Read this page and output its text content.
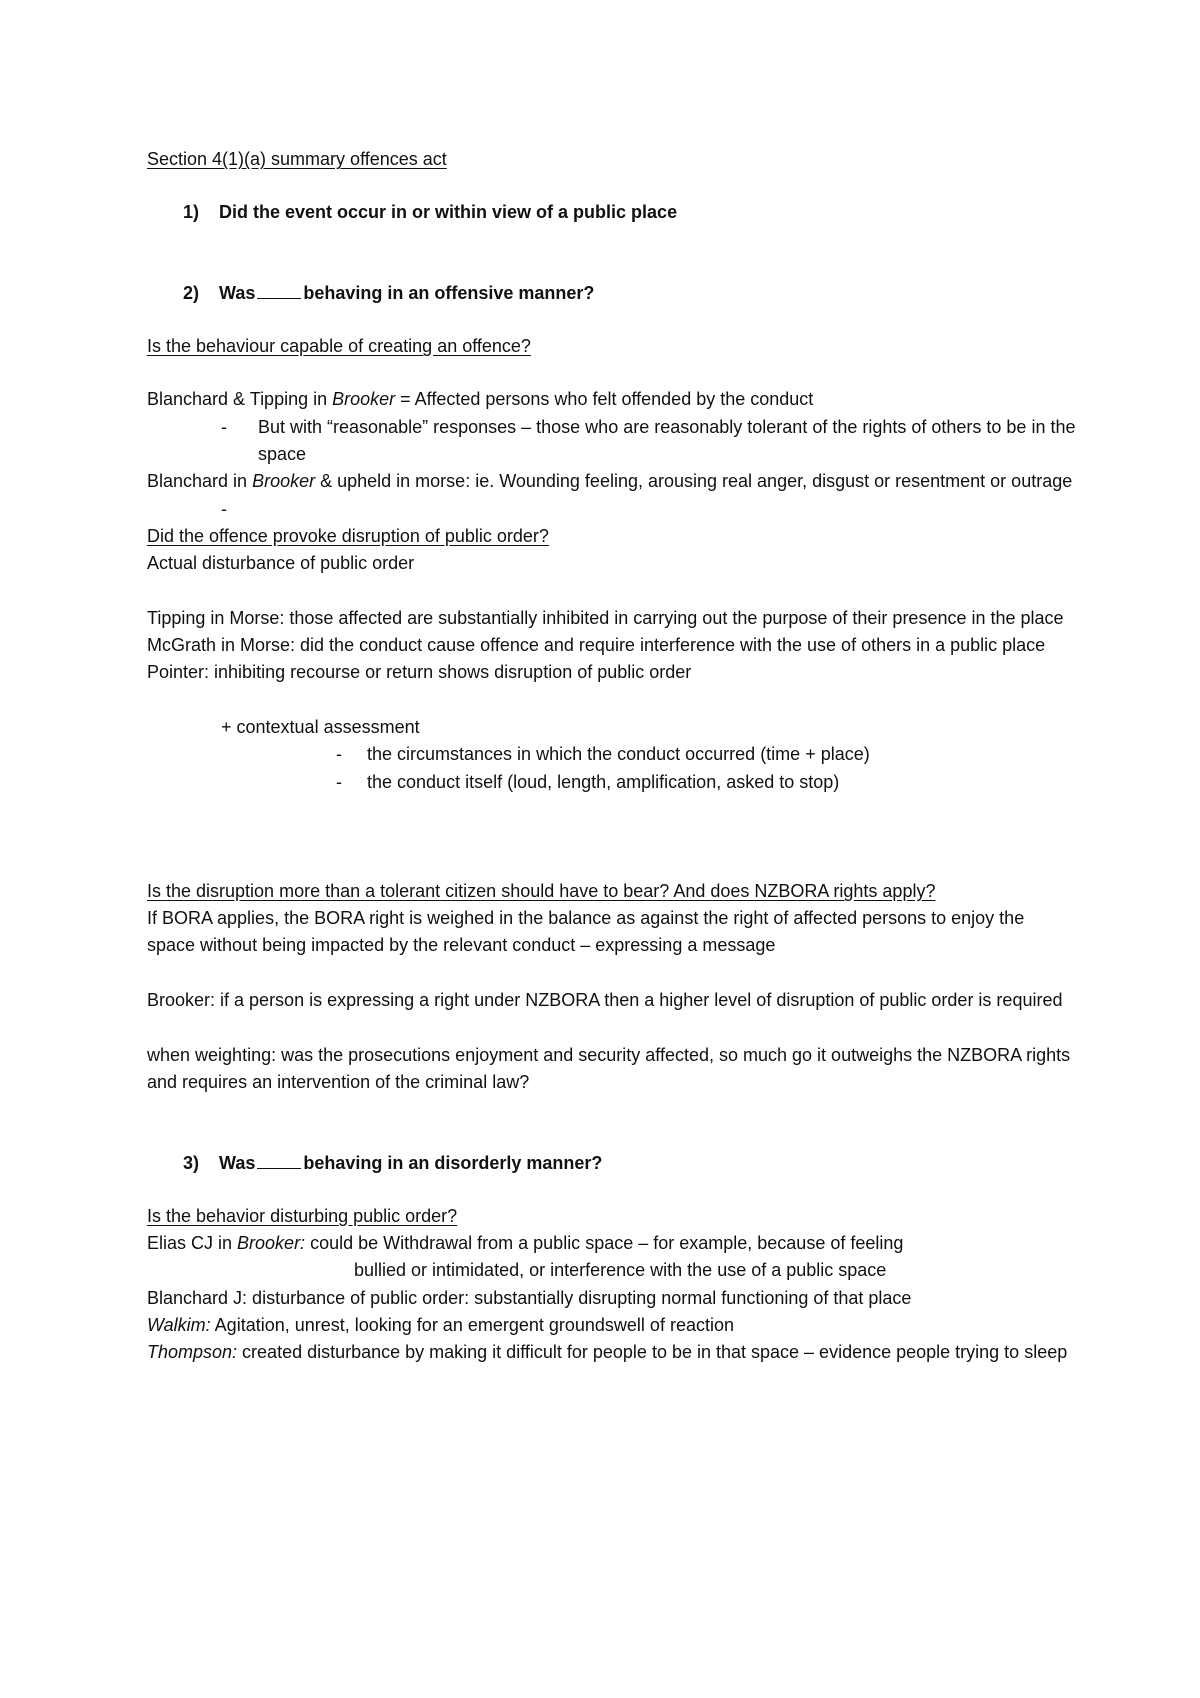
Section 4(1)(a) summary offences act
1) Did the event occur in or within view of a public place
2) Was	behaving in an offensive manner?
Is the behaviour capable of creating an offence?
Blanchard & Tipping in Brooker = Affected persons who felt offended by the conduct
- But with “reasonable” responses – those who are reasonably tolerant of the rights of others to be in the space
Blanchard in Brooker & upheld in morse: ie. Wounding feeling, arousing real anger, disgust or resentment or outrage
-
Did the offence provoke disruption of public order?
Actual disturbance of public order
Tipping in Morse: those affected are substantially inhibited in carrying out the purpose of their presence in the place
McGrath in Morse: did the conduct cause offence and require interference with the use of others in a public place
Pointer: inhibiting recourse or return shows disruption of public order
+ contextual assessment
- the circumstances in which the conduct occurred (time + place)
- the conduct itself (loud, length, amplification, asked to stop)
Is the disruption more than a tolerant citizen should have to bear? And does NZBORA rights apply?
If BORA applies, the BORA right is weighed in the balance as against the right of affected persons to enjoy the space without being impacted by the relevant conduct – expressing a message
Brooker: if a person is expressing a right under NZBORA then a higher level of disruption of public order is required
when weighting: was the prosecutions enjoyment and security affected, so much go it outweighs the NZBORA rights and requires an intervention of the criminal law?
3) Was	behaving in an disorderly manner?
Is the behavior disturbing public order?
Elias CJ in Brooker: could be Withdrawal from a public space – for example, because of feeling
bullied or intimidated, or interference with the use of a public space
Blanchard J: disturbance of public order: substantially disrupting normal functioning of that place
Walkim: Agitation, unrest, looking for an emergent groundswell of reaction
Thompson: created disturbance by making it difficult for people to be in that space – evidence people trying to sleep
